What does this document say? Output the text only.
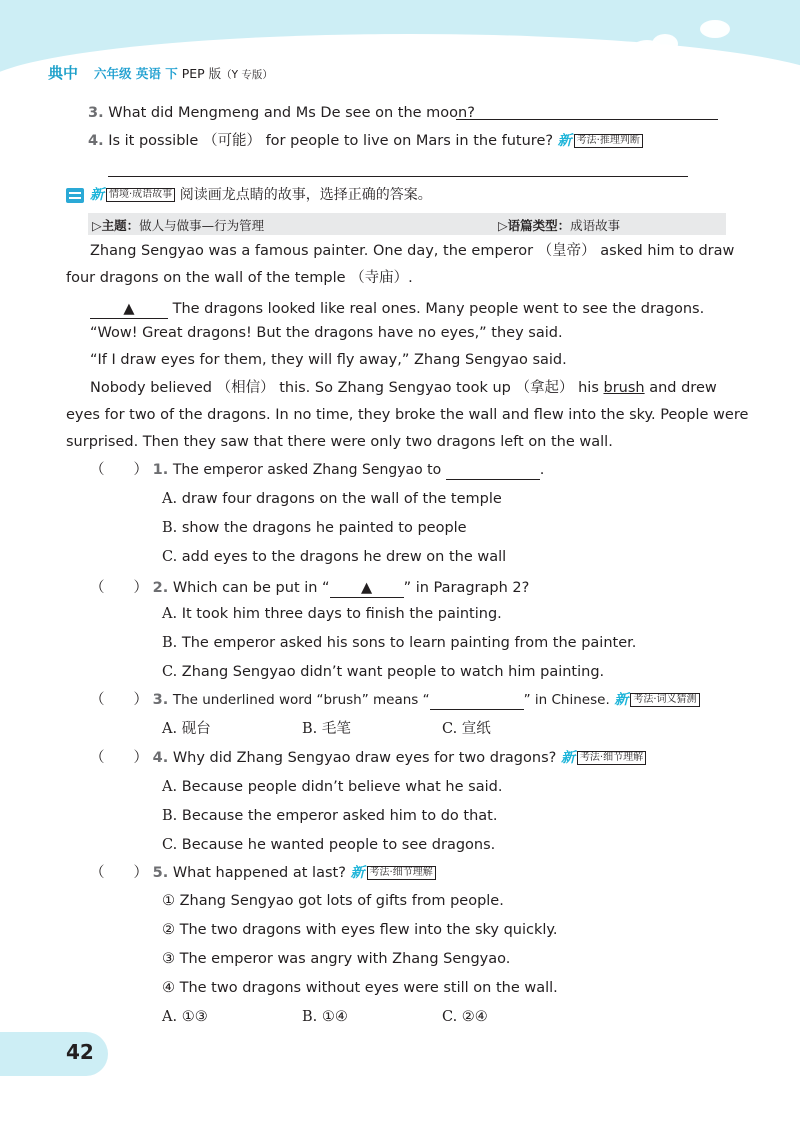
典中 六年级 英语 下 PEP 版（Y 专版）
3. What did Mengmeng and Ms De see on the moon?
4. Is it possible （可能） for people to live on Mars in the future? 新 考法·推理判断
新 情境·成语故事 阅读画龙点睛的故事，选择正确的答案。
▷主题：做人与做事—行为管理	▷语篇类型：成语故事
Zhang Sengyao was a famous painter. One day, the emperor （皇帝） asked him to draw
four dragons on the wall of the temple （寺庙）.
▲ The dragons looked like real ones. Many people went to see the dragons.
“Wow! Great dragons! But the dragons have no eyes,” they said.
“If I draw eyes for them, they will fly away,” Zhang Sengyao said.
Nobody believed （相信） this. So Zhang Sengyao took up （拿起） his brush and drew
eyes for two of the dragons. In no time, they broke the wall and flew into the sky. People were
surprised. Then they saw that there were only two dragons left on the wall.
（　　） 1. The emperor asked Zhang Sengyao to	.
A. draw four dragons on the wall of the temple
B. show the dragons he painted to people
C. add eyes to the dragons he drew on the wall
（　　） 2. Which can be put in “ ▲ ” in Paragraph 2?
A. It took him three days to finish the painting.
B. The emperor asked his sons to learn painting from the painter.
C. Zhang Sengyao didn’t want people to watch him painting.
（　　） 3. The underlined word “brush” means “	” in Chinese. 新 考法·词义猜测
A. 砚台	B. 毛笔	C. 宣纸
（　　） 4. Why did Zhang Sengyao draw eyes for two dragons? 新 考法·细节理解
A. Because people didn’t believe what he said.
B. Because the emperor asked him to do that.
C. Because he wanted people to see dragons.
（　　） 5. What happened at last? 新 考法·细节理解
① Zhang Sengyao got lots of gifts from people.
② The two dragons with eyes flew into the sky quickly.
③ The emperor was angry with Zhang Sengyao.
④ The two dragons without eyes were still on the wall.
A. ①③	B. ①④	C. ②④
42
